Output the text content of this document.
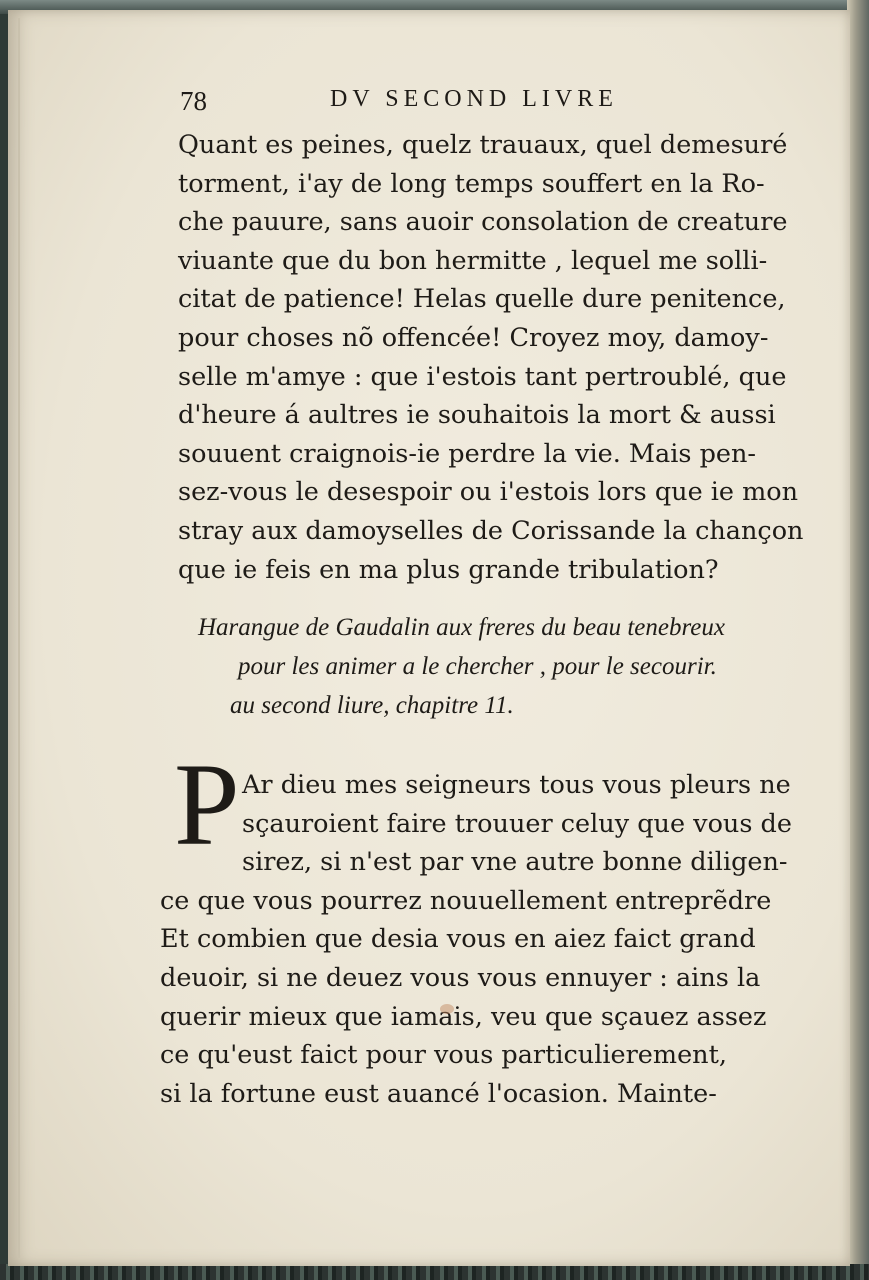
78	DV SECOND LIVRE
Quant es peines, quelz trauaux, quel demesuré
torment, i'ay de long temps souffert en la Ro-
che pauure, sans auoir consolation de creature
viuante que du bon hermitte , lequel me solli-
citat de patience! Helas quelle dure penitence,
pour choses nõ offencée! Croyez moy, damoy-
selle m'amye : que i'estois tant pertroublé, que
d'heure á aultres ie souhaitois la mort & aussi
souuent craignois-ie perdre la vie. Mais pen-
sez-vous le desespoir ou i'estois lors que ie mon
stray aux damoyselles de Corissande la chançon
que ie feis en ma plus grande tribulation?
Harangue de Gaudalin aux freres du beau tenebreux
pour les animer a le chercher , pour le secourir.
au second liure, chapitre 11.
P Ar dieu mes seigneurs tous vous pleurs ne
sçauroient faire trouuer celuy que vous de
sirez, si n'est par vne autre bonne diligen-
ce que vous pourrez nouuellement entreprẽdre
Et combien que desia vous en aiez faict grand
deuoir, si ne deuez vous vous ennuyer : ains la
querir mieux que iamais, veu que sçauez assez
ce qu'eust faict pour vous particulierement,
si la fortune eust auancé l'ocasion. Mainte-
